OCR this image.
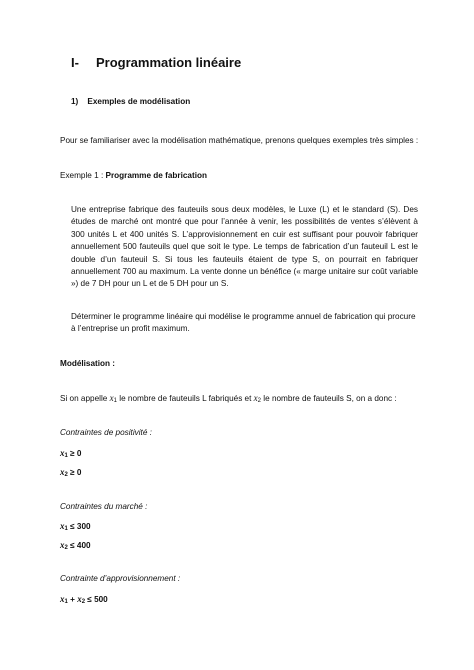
I- Programmation linéaire
1)    Exemples de modélisation
Pour se familiariser avec la modélisation mathématique, prenons quelques exemples très simples :
Exemple 1 : Programme de fabrication
Une entreprise fabrique des fauteuils sous deux modèles, le Luxe (L) et le standard (S). Des études de marché ont montré que pour l’année à venir, les possibilités de ventes s’élèvent à 300 unités L et 400 unités S. L’approvisionnement en cuir est suffisant pour pouvoir fabriquer annuellement 500 fauteuils quel que soit le type. Le temps de fabrication d’un fauteuil L est le double d’un fauteuil S. Si tous les fauteuils étaient de type S, on pourrait en fabriquer annuellement 700 au maximum. La vente donne un bénéfice (« marge unitaire sur coût variable ») de 7 DH pour un L et de 5 DH pour un S.
Déterminer le programme linéaire qui modélise le programme annuel de fabrication qui procure à l’entreprise un profit maximum.
Modélisation :
Si on appelle x1 le nombre de fauteuils L fabriqués et x2 le nombre de fauteuils S, on a donc :
Contraintes de positivité :
x1 ≥ 0
x2 ≥ 0
Contraintes du marché :
x1 ≤ 300
x2 ≤ 400
Contrainte d’approvisionnement :
x1 + x2 ≤ 500
